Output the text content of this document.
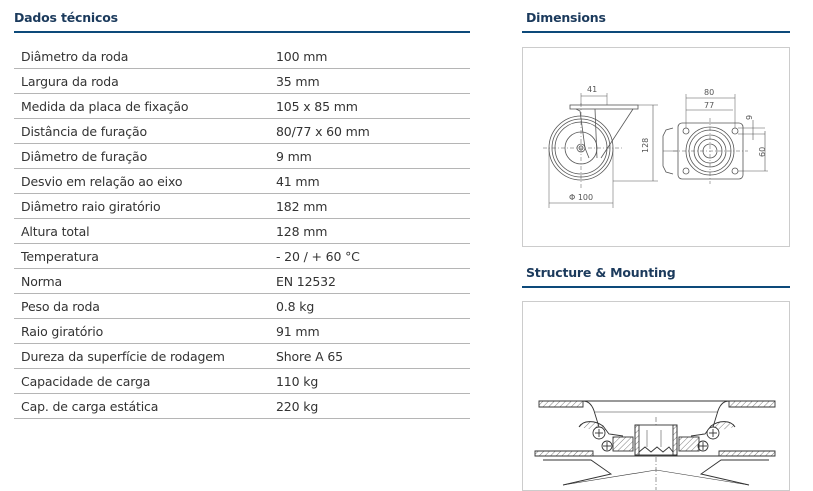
Dados técnicos
Diâmetro da roda	100 mm
Largura da roda	35 mm
Medida da placa de fixação	105 x 85 mm
Distância de furação	80/77 x 60 mm
Diâmetro de furação	9 mm
Desvio em relação ao eixo	41 mm
Diâmetro raio giratório	182 mm
Altura total	128 mm
Temperatura	- 20 / + 60 °C
Norma	EN 12532
Peso da roda	0.8 kg
Raio giratório	91 mm
Dureza da superfície de rodagem	Shore A 65
Capacidade de carga	110 kg
Cap. de carga estática	220 kg
Dimensions
41
128
Φ 100
80
77
9
60
Structure & Mounting
